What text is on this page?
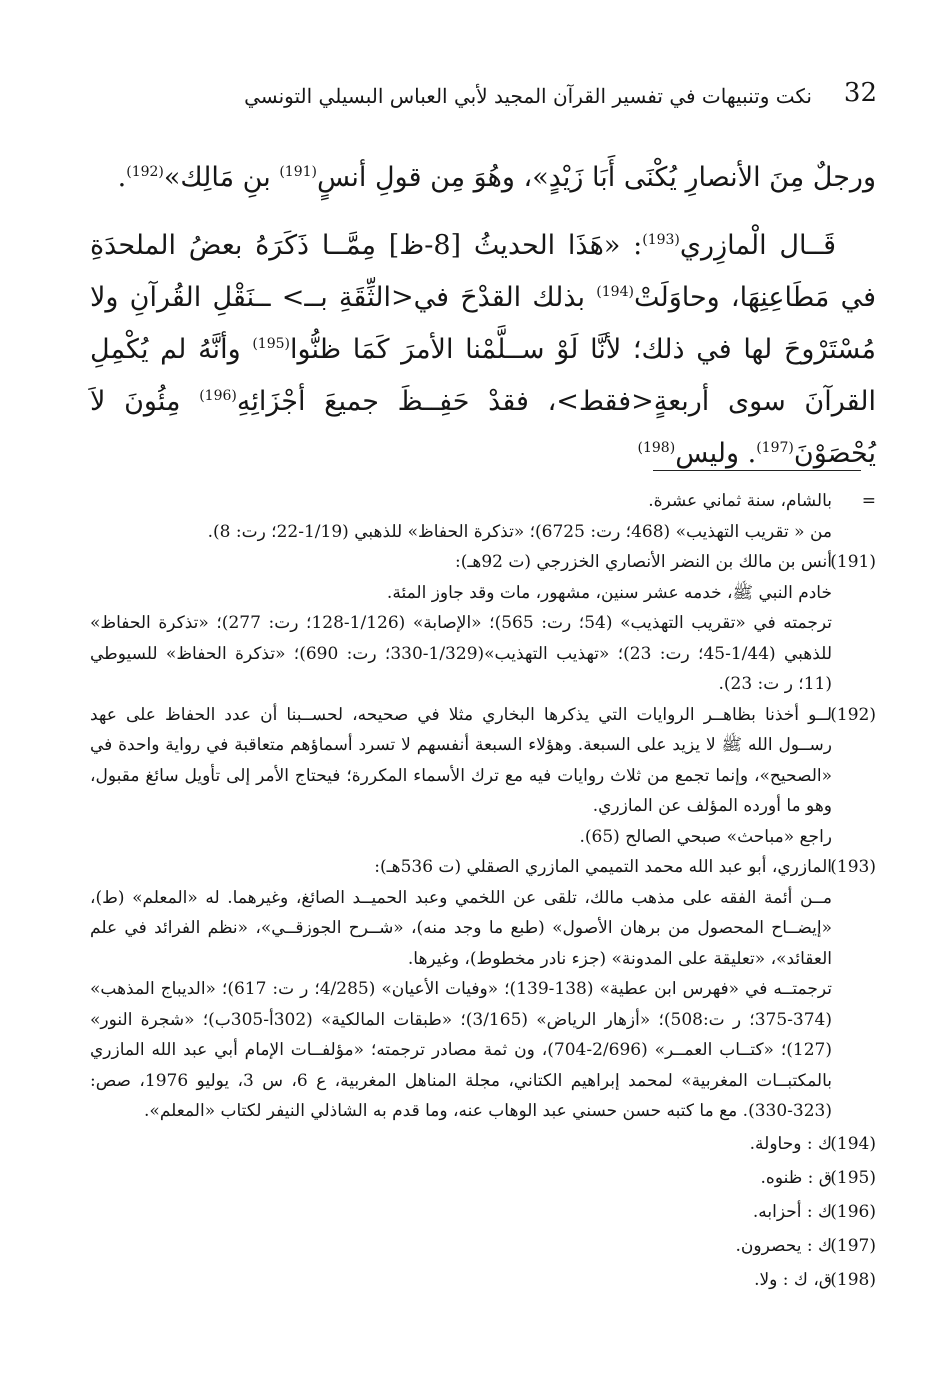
32
نكت وتنبيهات في تفسير القرآن المجيد لأبي العباس البسيلي التونسي

ورجلٌ مِنَ الأنصارِ يُكْنَى أَبَا زَيْدٍ»، وهُوَ مِن قولِ أنسٍ$^{(191)}$ بنِ مَالِك»$^{(192)}$.

قَــال الْمازِري$^{(193)}$: «هَذَا الحديثُ [8-ظ] مِمَّــا ذَكَرَهُ بعضُ الملحدَةِ في مَطَاعِنِهَا، وحاوَلَتْ$^{(194)}$ بذلك القدْحَ في<الثِّقَةِ بــ> ــنَقْلِ القُرآنِ ولا مُسْتَرْوحَ لها في ذلك؛ لأنَّا لَوْ ســلَّمْنا الأمرَ كَمَا ظنُّوا$^{(195)}$ وأنَّهُ لم يُكْمِلِ القرآنَ سوى أربعةٍ<فقط>، فقدْ حَفِــظَ جميعَ أجْزَائِهِ$^{(196)}$ مِئُونَ لاَ يُحْصَوْنَ$^{(197)}$. وليس$^{(198)}$

=
بالشام، سنة ثماني عشرة.
من « تقريب التهذيب» (468؛ رت: 6725)؛ «تذكرة الحفاظ» للذهبي (1/19-22؛ رت: 8).
(191)
أنس بن مالك بن النضر الأنصاري الخزرجي (ت 92هـ):
خادم النبي ﷺ، خدمه عشر سنين، مشهور، مات وقد جاوز المئة.
ترجمته في «تقريب التهذيب» (54؛ رت: 565)؛ «الإصابة» (1/126-128؛ رت: 277)؛ «تذكرة الحفاظ» للذهبي (1/44-45؛ رت: 23)؛ «تهذيب التهذيب»(1/329-330؛ رت: 690)؛ «تذكرة الحفاظ» للسيوطي (11؛ ر ت: 23).
(192)
لــو أخذنا بظاهــر الروايات التي يذكرها البخاري مثلا في صحيحه، لحســبنا أن عدد الحفاظ على عهد رســول الله ﷺ لا يزيد على السبعة. وهؤلاء السبعة أنفسهم لا تسرد أسماؤهم متعاقبة في رواية واحدة في «الصحيح»، وإنما تجمع من ثلاث روايات فيه مع ترك الأسماء المكررة؛ فيحتاج الأمر إلى تأويل سائغ مقبول، وهو ما أورده المؤلف عن المازري.
راجع «مباحث» صبحي الصالح (65).
(193)
المازري، أبو عبد الله محمد التميمي المازري الصقلي (ت 536هـ):
مــن أئمة الفقه على مذهب مالك، تلقى عن اللخمي وعبد الحميــد الصائغ، وغيرهما. له «المعلم» (ط)، «إيضــاح المحصول من برهان الأصول» (طبع ما وجد منه)، «شــرح الجوزقــي»، «نظم الفرائد في علم العقائد»، «تعليقة على المدونة» (جزء نادر مخطوط)، وغيرها.
ترجمتــه في «فهرس ابن عطية» (138-139)؛ «وفيات الأعيان» (4/285؛ ر ت: 617)؛ «الديباج المذهب» (374-375؛ ر ت:508)؛ «أزهار الرياض» (3/165)؛ «طبقات المالكية» (302أ-305ب)؛ «شجرة النور» (127)؛ «كتــاب العمــر» (2/696-704)، ون ثمة مصادر ترجمته؛ «مؤلفــات الإمام أبي عبد الله المازري بالمكتبــات المغربية» لمحمد إبراهيم الكتاني، مجلة المناهل المغربية، ع 6، س 3، يوليو 1976، صص:(323-330). مع ما كتبه حسن حسني عبد الوهاب عنه، وما قدم به الشاذلي النيفر لكتاب «المعلم».
(194)
ك : وحاولة.
(195)
ق : ظنوه.
(196)
ك : أحزابه.
(197)
ك : يحصرون.
(198)
ق، ك : ولا.
